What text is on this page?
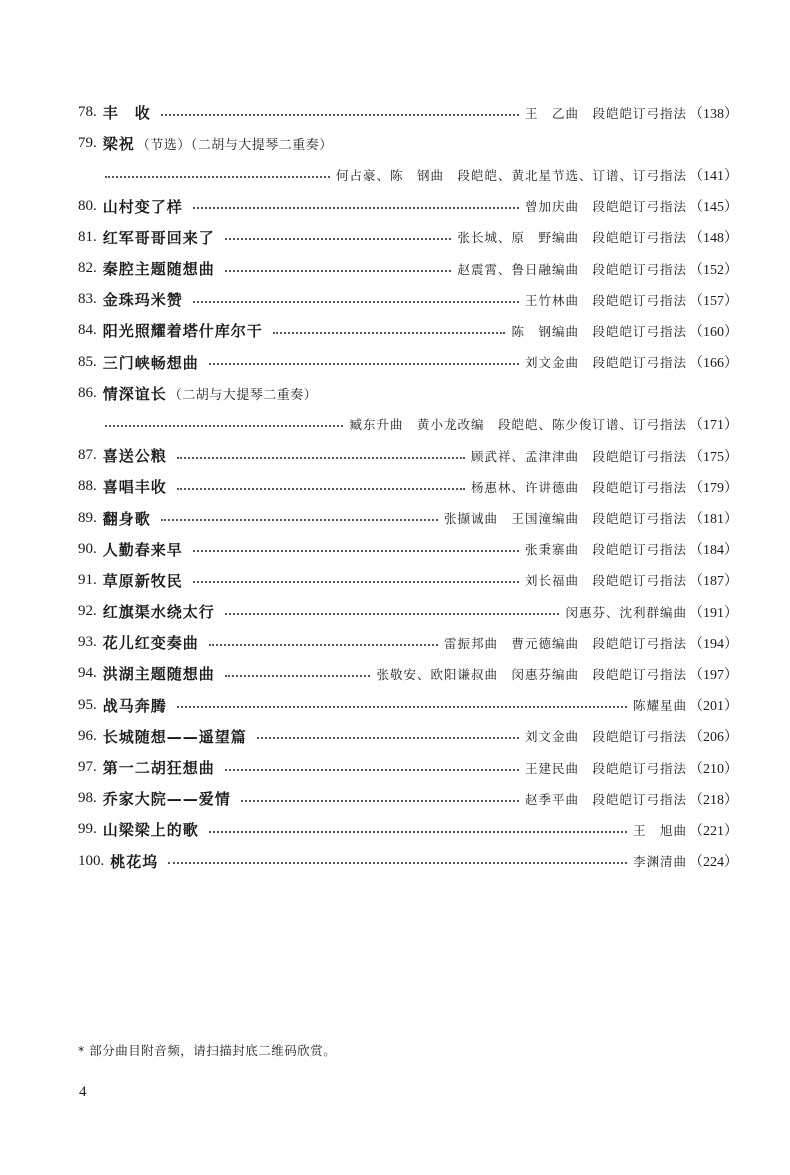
78. 丰　收	王　乙曲　段皑皑订弓指法 （138）
79. 梁祝 （节选）（二胡与大提琴二重奏）
何占豪、陈　钢曲　段皑皑、黄北星节选、订谱、订弓指法 （141）
80. 山村变了样	曾加庆曲　段皑皑订弓指法 （145）
81. 红军哥哥回来了	张长城、原　野编曲　段皑皑订弓指法 （148）
82. 秦腔主题随想曲	赵震霄、鲁日融编曲　段皑皑订弓指法 （152）
83. 金珠玛米赞	王竹林曲　段皑皑订弓指法 （157）
84. 阳光照耀着塔什库尔干	陈　钢编曲　段皑皑订弓指法 （160）
85. 三门峡畅想曲	刘文金曲　段皑皑订弓指法 （166）
86. 情深谊长 （二胡与大提琴二重奏）
臧东升曲　黄小龙改编　段皑皑、陈少俊订谱、订弓指法 （171）
87. 喜送公粮	顾武祥、孟津津曲　段皑皑订弓指法 （175）
88. 喜唱丰收	杨惠林、许讲德曲　段皑皑订弓指法 （179）
89. 翻身歌	张撷诚曲　王国潼编曲　段皑皑订弓指法 （181）
90. 人勤春来早	张秉寨曲　段皑皑订弓指法 （184）
91. 草原新牧民	刘长福曲　段皑皑订弓指法 （187）
92. 红旗渠水绕太行	闵惠芬、沈利群编曲 （191）
93. 花儿红变奏曲	雷振邦曲　曹元德编曲　段皑皑订弓指法 （194）
94. 洪湖主题随想曲	张敬安、欧阳谦叔曲　闵惠芬编曲　段皑皑订弓指法 （197）
95. 战马奔腾	陈耀星曲 （201）
96. 长城随想——遥望篇	刘文金曲　段皑皑订弓指法 （206）
97. 第一二胡狂想曲	王建民曲　段皑皑订弓指法 （210）
98. 乔家大院——爱情	赵季平曲　段皑皑订弓指法 （218）
99. 山梁梁上的歌	王　旭曲 （221）
100. 桃花坞	李渊清曲 （224）
* 部分曲目附音频，请扫描封底二维码欣赏。
4
